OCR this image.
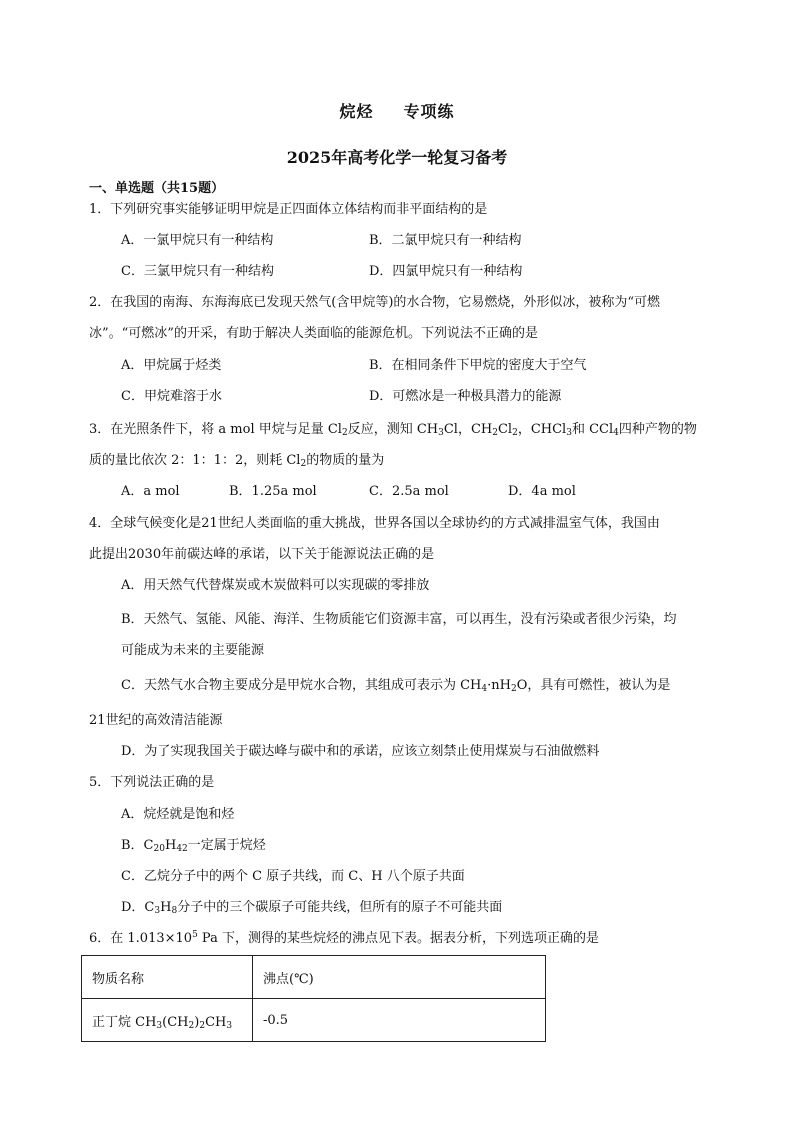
烷烃 专项练
2025年高考化学一轮复习备考
一、单选题（共15题）
1．下列研究事实能够证明甲烷是正四面体立体结构而非平面结构的是
A．一氯甲烷只有一种结构	B．二氯甲烷只有一种结构
C．三氯甲烷只有一种结构	D．四氯甲烷只有一种结构
2．在我国的南海、东海海底已发现天然气(含甲烷等)的水合物，它易燃烧，外形似冰，被称为“可燃
冰”。“可燃冰”的开采，有助于解决人类面临的能源危机。下列说法不正确的是
A．甲烷属于烃类	B．在相同条件下甲烷的密度大于空气
C．甲烷难溶于水	D．可燃冰是一种极具潜力的能源
3．在光照条件下，将 a mol 甲烷与足量 $Cl_2$反应，测知 $CH_3Cl$，$CH_2Cl_2$，CHCl$_3$和 CCl$_4$四种产物的物
质的量比依次 2：1：1：2，则耗 $Cl_2$的物质的量为
A．a mol	B．1.25a mol	C．2.5a mol	D．4a mol
4．全球气候变化是21世纪人类面临的重大挑战，世界各国以全球协约的方式减排温室气体，我国由
此提出2030年前碳达峰的承诺，以下关于能源说法正确的是
A．用天然气代替煤炭或木炭做料可以实现碳的零排放
B．天然气、氢能、风能、海洋、生物质能它们资源丰富，可以再生，没有污染或者很少污染，均
可能成为未来的主要能源
C．天然气水合物主要成分是甲烷水合物，其组成可表示为 $CH_4\cdot nH_2O$，具有可燃性，被认为是
21世纪的高效清洁能源
D．为了实现我国关于碳达峰与碳中和的承诺，应该立刻禁止使用煤炭与石油做燃料
5．下列说法正确的是
A．烷烃就是饱和烃
B．$C_{20}H_{42}$一定属于烷烃
C．乙烷分子中的两个 C 原子共线，而 C、H 八个原子共面
D．$C_3H_8$分子中的三个碳原子可能共线，但所有的原子不可能共面
6．在 $1.013\times 10^5$ Pa 下，测得的某些烷烃的沸点见下表。据表分析，下列选项正确的是
物质名称	沸点(℃)
正丁烷 $CH_3(CH_2)_2CH_3$	-0.5
